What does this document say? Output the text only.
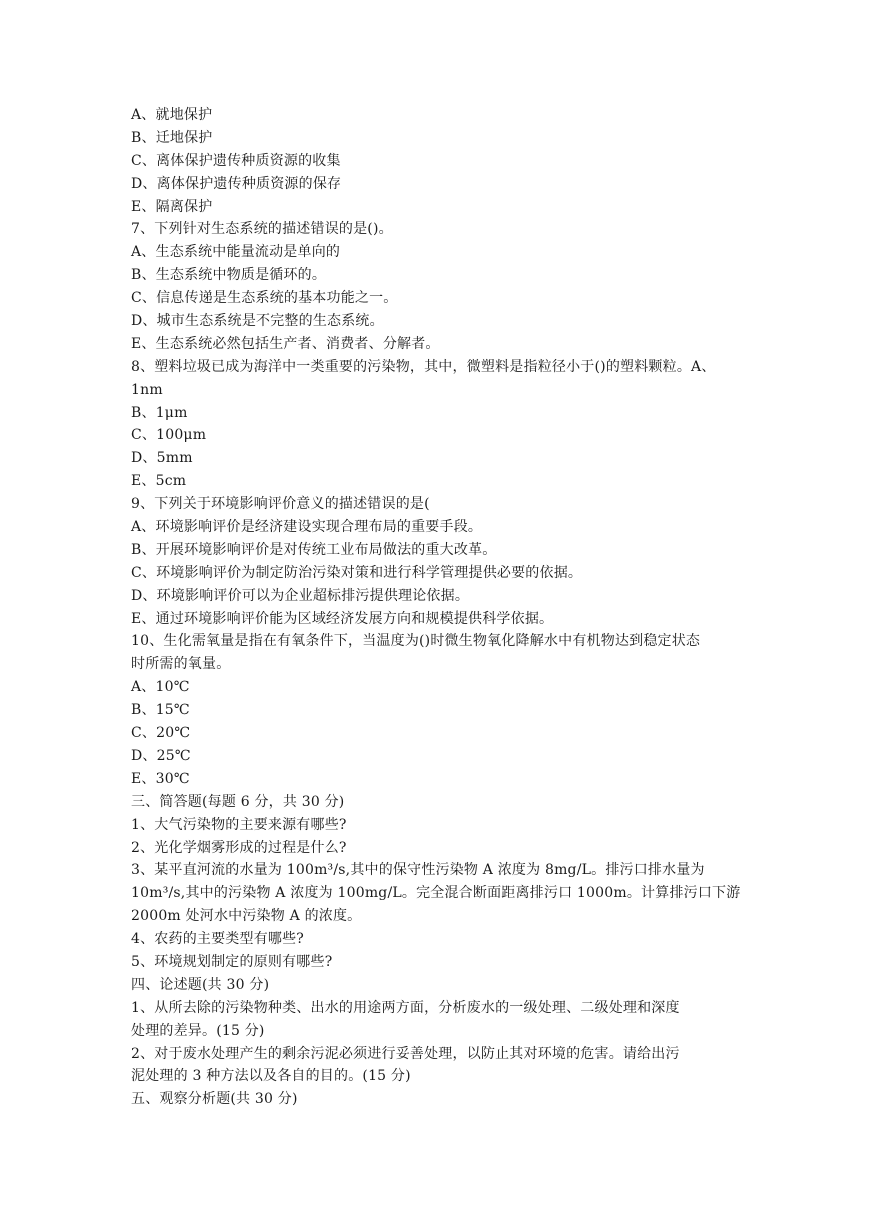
A、就地保护
B、迁地保护
C、离体保护遗传种质资源的收集
D、离体保护遗传种质资源的保存
E、隔离保护
7、下列针对生态系统的描述错误的是()。
A、生态系统中能量流动是单向的
B、生态系统中物质是循环的。
C、信息传递是生态系统的基本功能之一。
D、城市生态系统是不完整的生态系统。
E、生态系统必然包括生产者、消费者、分解者。
8、塑料垃圾已成为海洋中一类重要的污染物，其中，微塑料是指粒径小于()的塑料颗粒。A、
1nm
B、1μm
C、100μm
D、5mm
E、5cm
9、下列关于环境影响评价意义的描述错误的是(
A、环境影响评价是经济建设实现合理布局的重要手段。
B、开展环境影响评价是对传统工业布局做法的重大改革。
C、环境影响评价为制定防治污染对策和进行科学管理提供必要的依据。
D、环境影响评价可以为企业超标排污提供理论依据。
E、通过环境影响评价能为区域经济发展方向和规模提供科学依据。
10、生化需氧量是指在有氧条件下，当温度为()时微生物氧化降解水中有机物达到稳定状态
时所需的氧量。
A、10℃
B、15℃
C、20℃
D、25℃
E、30℃
三、简答题(每题 6 分，共 30 分)
1、大气污染物的主要来源有哪些?
2、光化学烟雾形成的过程是什么?
3、某平直河流的水量为 100m³/s,其中的保守性污染物 A 浓度为 8mg/L。排污口排水量为
10m³/s,其中的污染物 A 浓度为 100mg/L。完全混合断面距离排污口 1000m。计算排污口下游
2000m 处河水中污染物 A 的浓度。
4、农药的主要类型有哪些?
5、环境规划制定的原则有哪些?
四、论述题(共 30 分)
1、从所去除的污染物种类、出水的用途两方面，分析废水的一级处理、二级处理和深度
处理的差异。(15 分)
2、对于废水处理产生的剩余污泥必须进行妥善处理，以防止其对环境的危害。请给出污
泥处理的 3 种方法以及各自的目的。(15 分)
五、观察分析题(共 30 分)
